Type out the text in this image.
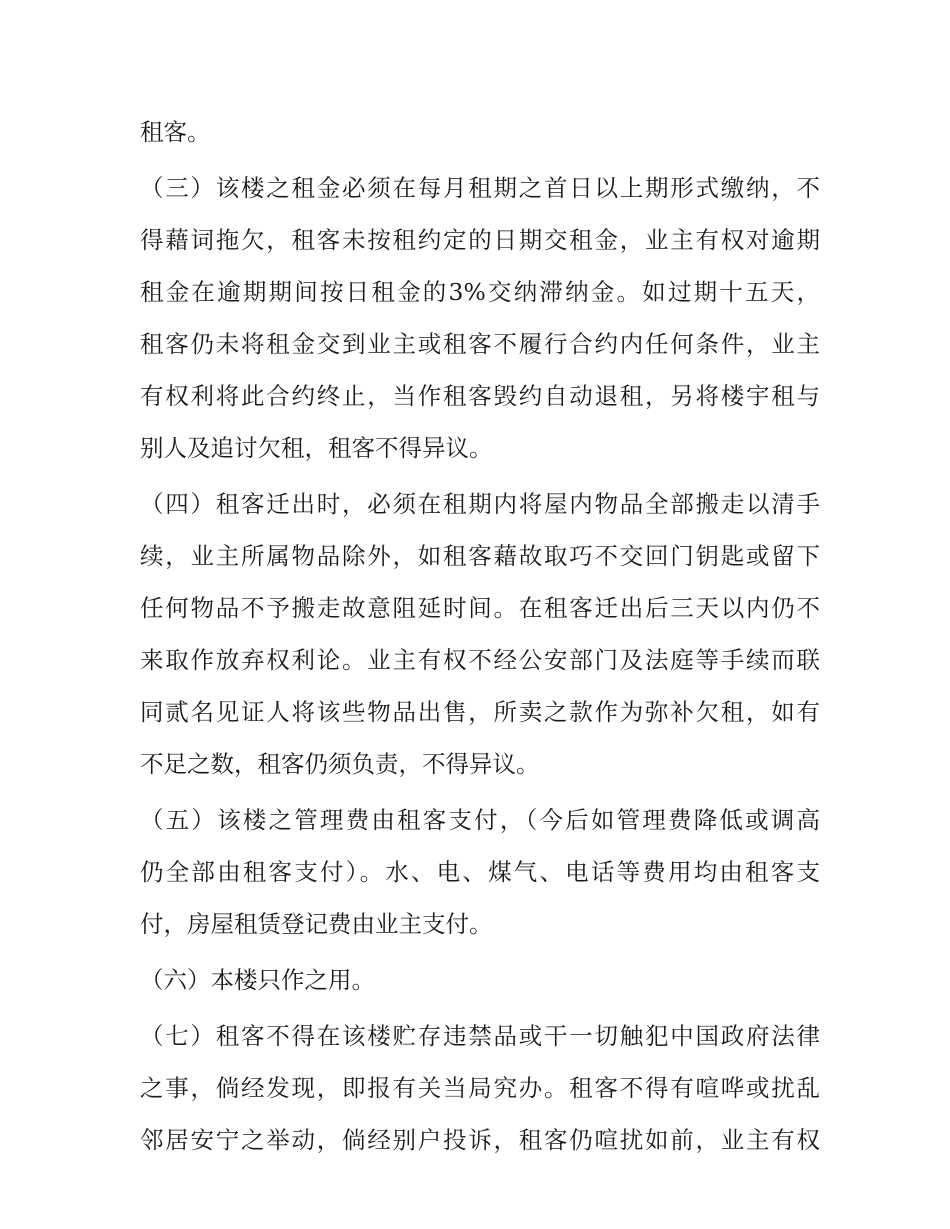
租客。
（三）该楼之租金必须在每月租期之首日以上期形式缴纳，不
得藉词拖欠，租客未按租约定的日期交租金，业主有权对逾期
租金在逾期期间按日租金的3%交纳滞纳金。如过期十五天，
租客仍未将租金交到业主或租客不履行合约内任何条件，业主
有权利将此合约终止，当作租客毁约自动退租，另将楼宇租与
别人及追讨欠租，租客不得异议。
（四）租客迁出时，必须在租期内将屋内物品全部搬走以清手
续，业主所属物品除外，如租客藉故取巧不交回门钥匙或留下
任何物品不予搬走故意阻延时间。在租客迁出后三天以内仍不
来取作放弃权利论。业主有权不经公安部门及法庭等手续而联
同贰名见证人将该些物品出售，所卖之款作为弥补欠租，如有
不足之数，租客仍须负责，不得异议。
（五）该楼之管理费由租客支付，（今后如管理费降低或调高
仍全部由租客支付）。水、电、煤气、电话等费用均由租客支
付，房屋租赁登记费由业主支付。
（六）本楼只作之用。
（七）租客不得在该楼贮存违禁品或干一切触犯中国政府法律
之事，倘经发现，即报有关当局究办。租客不得有喧哗或扰乱
邻居安宁之举动，倘经别户投诉，租客仍喧扰如前，业主有权
